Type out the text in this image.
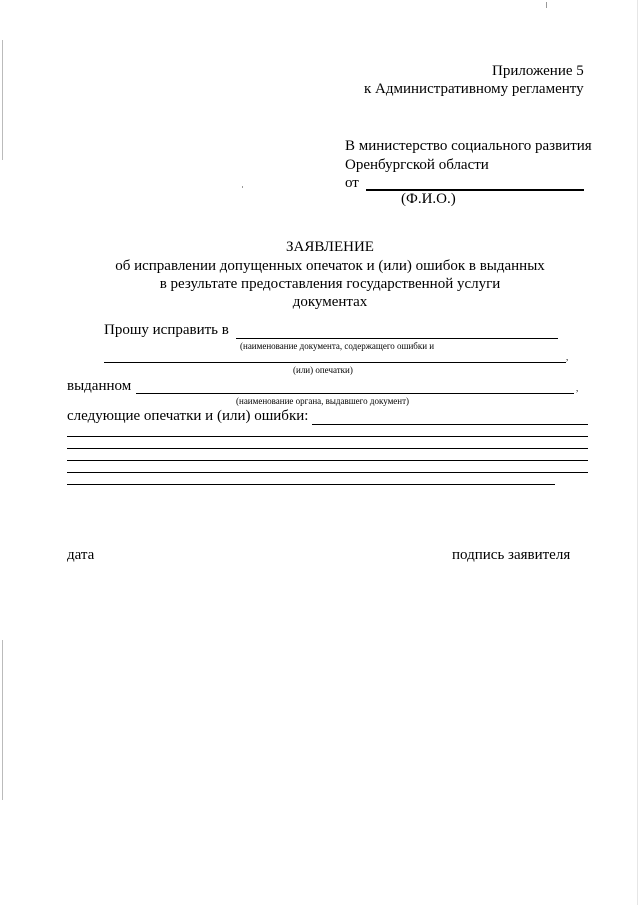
Приложение 5
к Административному регламенту
В министерство социального развития
Оренбургской области
от
(Ф.И.О.)
ЗАЯВЛЕНИЕ
об исправлении допущенных опечаток и (или) ошибок в выданных
в результате предоставления государственной услуги
документах
Прошу исправить в
(наименование документа, содержащего ошибки и
,
(или) опечатки)
выданном	,
(наименование органа, выдавшего документ)
следующие опечатки и (или) ошибки:
дата	подпись заявителя
